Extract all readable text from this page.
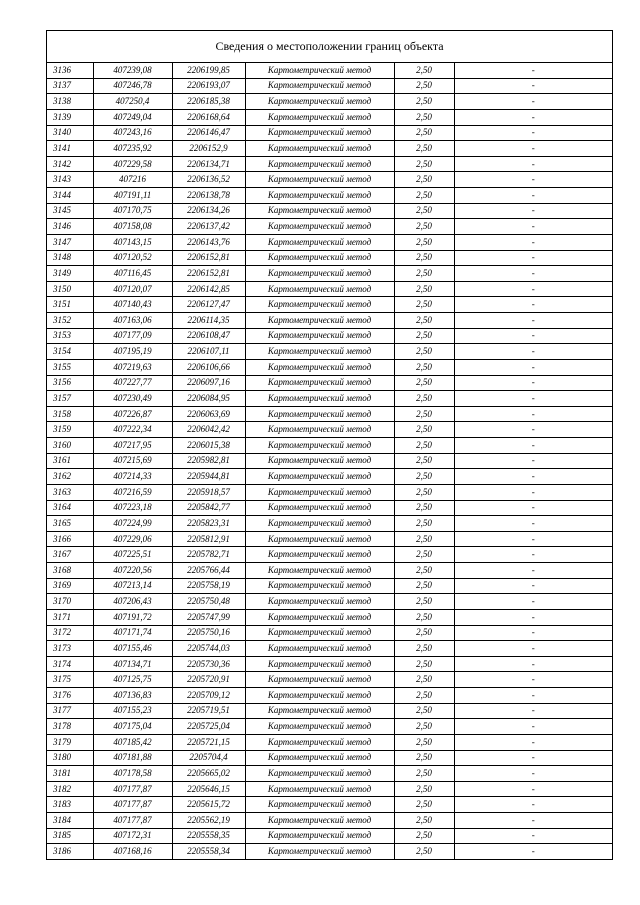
Сведения о местоположении границ объекта
3136	407239,08	2206199,85	Картометрический метод	2,50	-
3137	407246,78	2206193,07	Картометрический метод	2,50	-
3138	407250,4	2206185,38	Картометрический метод	2,50	-
3139	407249,04	2206168,64	Картометрический метод	2,50	-
3140	407243,16	2206146,47	Картометрический метод	2,50	-
3141	407235,92	2206152,9	Картометрический метод	2,50	-
3142	407229,58	2206134,71	Картометрический метод	2,50	-
3143	407216	2206136,52	Картометрический метод	2,50	-
3144	407191,11	2206138,78	Картометрический метод	2,50	-
3145	407170,75	2206134,26	Картометрический метод	2,50	-
3146	407158,08	2206137,42	Картометрический метод	2,50	-
3147	407143,15	2206143,76	Картометрический метод	2,50	-
3148	407120,52	2206152,81	Картометрический метод	2,50	-
3149	407116,45	2206152,81	Картометрический метод	2,50	-
3150	407120,07	2206142,85	Картометрический метод	2,50	-
3151	407140,43	2206127,47	Картометрический метод	2,50	-
3152	407163,06	2206114,35	Картометрический метод	2,50	-
3153	407177,09	2206108,47	Картометрический метод	2,50	-
3154	407195,19	2206107,11	Картометрический метод	2,50	-
3155	407219,63	2206106,66	Картометрический метод	2,50	-
3156	407227,77	2206097,16	Картометрический метод	2,50	-
3157	407230,49	2206084,95	Картометрический метод	2,50	-
3158	407226,87	2206063,69	Картометрический метод	2,50	-
3159	407222,34	2206042,42	Картометрический метод	2,50	-
3160	407217,95	2206015,38	Картометрический метод	2,50	-
3161	407215,69	2205982,81	Картометрический метод	2,50	-
3162	407214,33	2205944,81	Картометрический метод	2,50	-
3163	407216,59	2205918,57	Картометрический метод	2,50	-
3164	407223,18	2205842,77	Картометрический метод	2,50	-
3165	407224,99	2205823,31	Картометрический метод	2,50	-
3166	407229,06	2205812,91	Картометрический метод	2,50	-
3167	407225,51	2205782,71	Картометрический метод	2,50	-
3168	407220,56	2205766,44	Картометрический метод	2,50	-
3169	407213,14	2205758,19	Картометрический метод	2,50	-
3170	407206,43	2205750,48	Картометрический метод	2,50	-
3171	407191,72	2205747,99	Картометрический метод	2,50	-
3172	407171,74	2205750,16	Картометрический метод	2,50	-
3173	407155,46	2205744,03	Картометрический метод	2,50	-
3174	407134,71	2205730,36	Картометрический метод	2,50	-
3175	407125,75	2205720,91	Картометрический метод	2,50	-
3176	407136,83	2205709,12	Картометрический метод	2,50	-
3177	407155,23	2205719,51	Картометрический метод	2,50	-
3178	407175,04	2205725,04	Картометрический метод	2,50	-
3179	407185,42	2205721,15	Картометрический метод	2,50	-
3180	407181,88	2205704,4	Картометрический метод	2,50	-
3181	407178,58	2205665,02	Картометрический метод	2,50	-
3182	407177,87	2205646,15	Картометрический метод	2,50	-
3183	407177,87	2205615,72	Картометрический метод	2,50	-
3184	407177,87	2205562,19	Картометрический метод	2,50	-
3185	407172,31	2205558,35	Картометрический метод	2,50	-
3186	407168,16	2205558,34	Картометрический метод	2,50	-
